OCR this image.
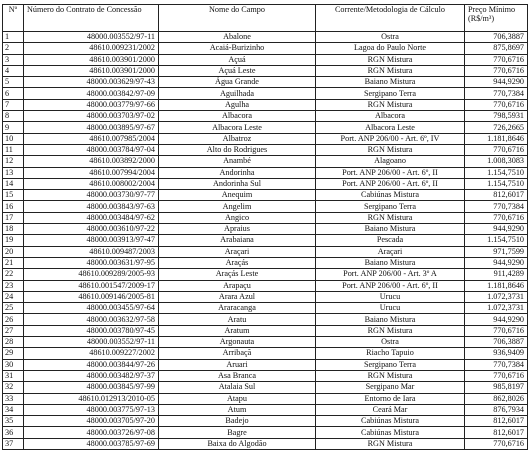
Nº	Número do Contrato de Concessão	Nome do Campo	Corrente/Metodologia de Cálculo	Preço Mínimo (R$/m³)
1	48000.003552/97-11	Abalone	Ostra	706,3887
2	48610.009231/2002	Acaiá-Burizinho	Lagoa do Paulo Norte	875,8697
3	48610.003901/2000	Açuá	RGN Mistura	770,6716
4	48610.003901/2000	Açuá Leste	RGN Mistura	770,6716
5	48000.003629/97-43	Água Grande	Baiano Mistura	944,9290
6	48000.003842/97-09	Aguilhada	Sergipano Terra	770,7384
7	48000.003779/97-66	Agulha	RGN Mistura	770,6716
8	48000.003703/97-02	Albacora	Albacora	798,5931
9	48000.003895/97-67	Albacora Leste	Albacora Leste	726,2665
10	48610.007985/2004	Albatroz	Port. ANP 206/00 - Art. 6º, IV	1.181,8646
11	48000.003784/97-04	Alto do Rodrigues	RGN Mistura	770,6716
12	48610.003892/2000	Anambé	Alagoano	1.008,3083
13	48610.007994/2004	Andorinha	Port. ANP 206/00 - Art. 6º, II	1.154,7510
14	48610.008002/2004	Andorinha Sul	Port. ANP 206/00 - Art. 6º, II	1.154,7510
15	48000.003730/97-77	Anequim	Cabiúnas Mistura	812,6017
16	48000.003843/97-63	Angelim	Sergipano Terra	770,7384
17	48000.003484/97-62	Angico	RGN Mistura	770,6716
18	48000.003610/97-22	Apraius	Baiano Mistura	944,9290
19	48000.003913/97-47	Arabaiana	Pescada	1.154,7510
20	48610.009487/2003	Araçari	Araçari	971,7599
21	48000.003631/97-95	Araçás	Baiano Mistura	944,9290
22	48610.009289/2005-93	Araçás Leste	Port. ANP 206/00 - Art. 3º A	911,4289
23	48610.001547/2009-17	Arapaçu	Port. ANP 206/00 - Art. 6º, II	1.181,8646
24	48610.009146/2005-81	Arara Azul	Urucu	1.072,3731
25	48000.003455/97-64	Araracanga	Urucu	1.072,3731
26	48000.003632/97-58	Aratu	Baiano Mistura	944,9290
27	48000.003780/97-45	Aratum	RGN Mistura	770,6716
28	48000.003552/97-11	Argonauta	Ostra	706,3887
29	48610.009227/2002	Arribaçã	Riacho Tapuio	936,9409
30	48000.003844/97-26	Aruari	Sergipano Terra	770,7384
31	48000.003482/97-37	Asa Branca	RGN Mistura	770,6716
32	48000.003845/97-99	Atalaia Sul	Sergipano Mar	985,8197
33	48610.012913/2010-05	Atapu	Entorno de Iara	862,8026
34	48000.003775/97-13	Atum	Ceará Mar	876,7934
35	48000.003705/97-20	Badejo	Cabiúnas Mistura	812,6017
36	48000.003726/97-08	Bagre	Cabiúnas Mistura	812,6017
37	48000.003785/97-69	Baixa do Algodão	RGN Mistura	770,6716
